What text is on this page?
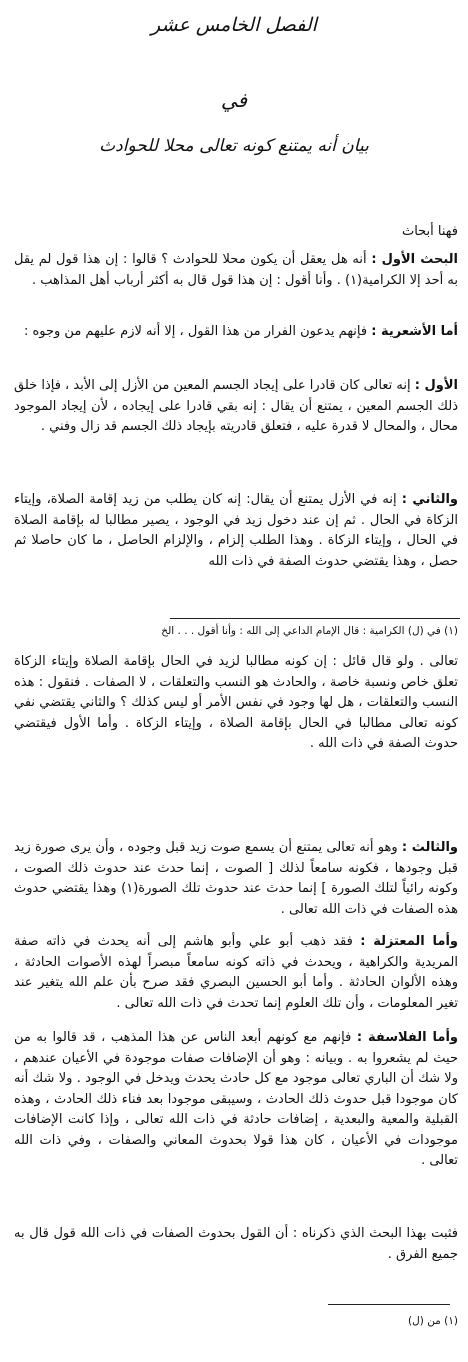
الفصل الخامس عشر
في
بيان أنه يمتنع كونه تعالى محلا للحوادث
فهنا أبحاث
البحث الأول : أنه هل يعقل أن يكون محلا للحوادث ؟ قالوا : إن هذا قول لم يقل به أحد إلا الكرامية(١) . وأنا أقول : إن هذا قول قال به أكثر أرباب أهل المذاهب .
أما الأشعرية : فإنهم يدعون الفرار من هذا القول ، إلا أنه لازم عليهم من وجوه :
الأول : إنه تعالى كان قادرا على إيجاد الجسم المعين من الأزل إلى الأبد ، فإذا خلق ذلك الجسم المعين ، يمتنع أن يقال : إنه بقي قادرا على إيجاده ، لأن إيجاد الموجود محال ، والمحال لا قدرة عليه ، فتعلق قادريته بإيجاد ذلك الجسم قد زال وفني .
والثاني : إنه في الأزل يمتنع أن يقال: إنه كان يطلب من زيد إقامة الصلاة، وإيتاء الزكاة في الحال . ثم إن عند دخول زيد في الوجود ، يصير مطالبا له بإقامة الصلاة في الحال ، وإيتاء الزكاة . وهذا الطلب إلزام ، والإلزام الحاصل ، ما كان حاصلا ثم حصل ، وهذا يقتضي حدوث الصفة في ذات الله
(١) في (ل) الكرامية : قال الإمام الداعي إلى الله : وأنا أقول . . . الخ
تعالى . ولو قال قائل : إن كونه مطالبا لزيد في الحال بإقامة الصلاة وإيتاء الزكاة تعلق خاص ونسبة خاصة ، والحادث هو النسب والتعلقات ، لا الصفات . فنقول : هذه النسب والتعلقات ، هل لها وجود في نفس الأمر أو ليس كذلك ؟ والثاني يقتضي نفي كونه تعالى مطالبا في الحال بإقامة الصلاة ، وإيتاء الزكاة . وأما الأول فيقتضي حدوث الصفة في ذات الله .
والثالث : وهو أنه تعالى يمتنع أن يسمع صوت زيد قبل وجوده ، وأن يرى صورة زيد قبل وجودها ، فكونه سامعاً لذلك [ الصوت ، إنما حدث عند حدوث ذلك الصوت ، وكونه رائياً لتلك الصورة ] إنما حدث عند حدوث تلك الصورة(١) وهذا يقتضي حدوث هذه الصفات في ذات الله تعالى .
وأما المعتزلة : فقد ذهب أبو علي وأبو هاشم إلى أنه يحدث في ذاته صفة المريدية والكراهية ، ويحدث في ذاته كونه سامعاً مبصراً لهذه الأصوات الحادثة ، وهذه الألوان الحادثة . وأما أبو الحسين البصري فقد صرح بأن علم الله يتغير عند تغير المعلومات ، وأن تلك العلوم إنما تحدث في ذات الله تعالى .
وأما الفلاسفة : فإنهم مع كونهم أبعد الناس عن هذا المذهب ، قد قالوا به من حيث لم يشعروا به . وبيانه : وهو أن الإضافات صفات موجودة في الأعيان عندهم ، ولا شك أن الباري تعالى موجود مع كل حادث يحدث ويدخل في الوجود . ولا شك أنه كان موجودا قبل حدوث ذلك الحادث ، وسيبقى موجودا بعد فناء ذلك الحادث ، وهذه القبلية والمعية والبعدية ، إضافات حادثة في ذات الله تعالى ، وإذا كانت الإضافات موجودات في الأعيان ، كان هذا قولا بحدوث المعاني والصفات ، وفي ذات الله تعالى .
فثبت بهذا البحث الذي ذكرناه : أن القول بحدوث الصفات في ذات الله قول قال به جميع الفرق .
(١) من (ل)
